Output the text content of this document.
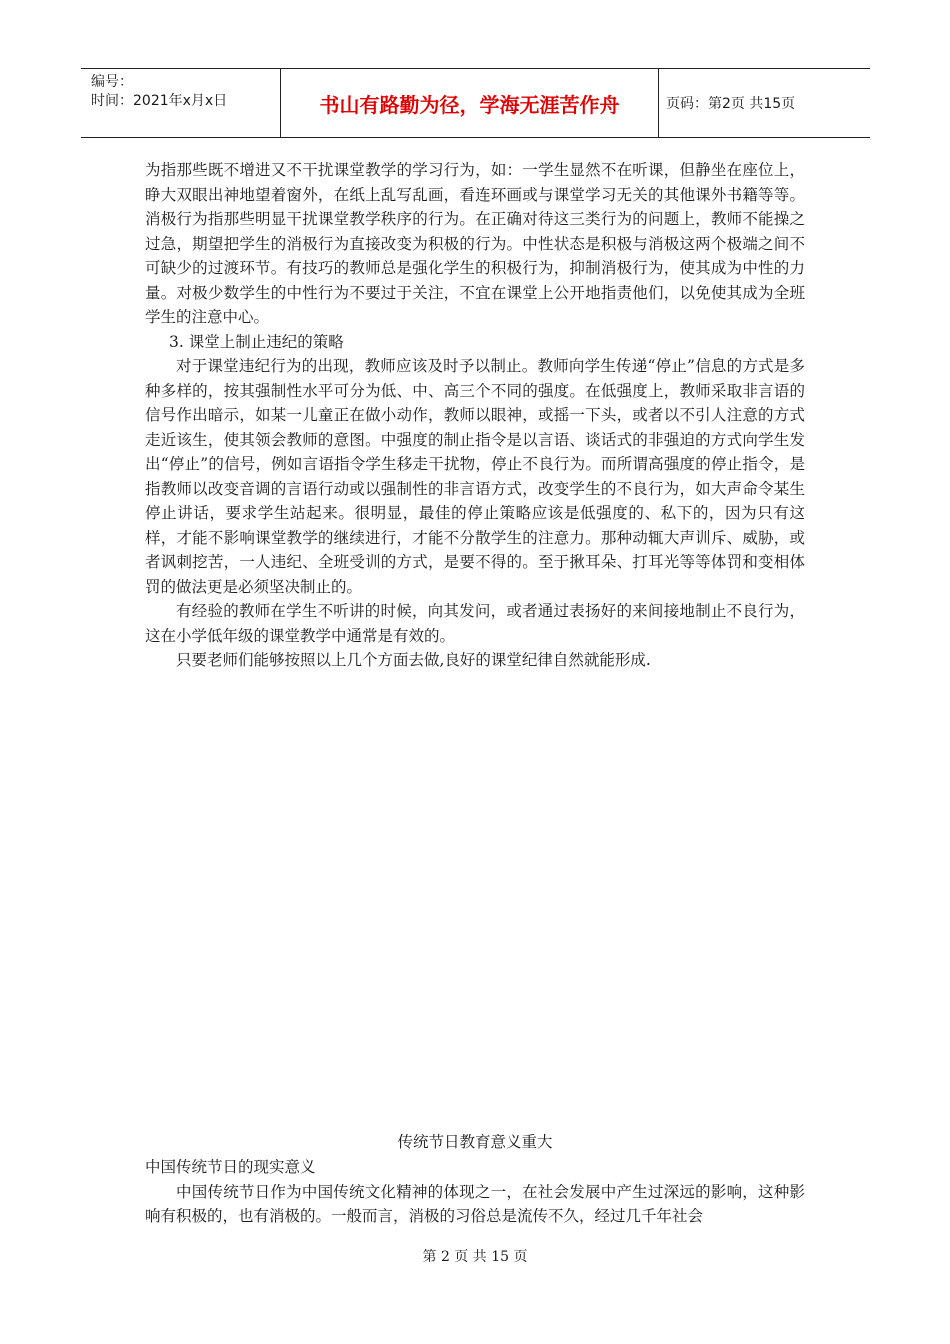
编号：
时间：2021年x月x日	书山有路勤为径，学海无涯苦作舟	页码：第2页 共15页

为指那些既不增进又不干扰课堂教学的学习行为，如：一学生显然不在听课，但静坐在座位上，睁大双眼出神地望着窗外，在纸上乱写乱画，看连环画或与课堂学习无关的其他课外书籍等等。消极行为指那些明显干扰课堂教学秩序的行为。在正确对待这三类行为的问题上，教师不能操之过急，期望把学生的消极行为直接改变为积极的行为。中性状态是积极与消极这两个极端之间不可缺少的过渡环节。有技巧的教师总是强化学生的积极行为，抑制消极行为，使其成为中性的力量。对极少数学生的中性行为不要过于关注，不宜在课堂上公开地指责他们，以免使其成为全班学生的注意中心。

3. 课堂上制止违纪的策略

对于课堂违纪行为的出现，教师应该及时予以制止。教师向学生传递“停止”信息的方式是多种多样的，按其强制性水平可分为低、中、高三个不同的强度。在低强度上，教师采取非言语的信号作出暗示，如某一儿童正在做小动作，教师以眼神，或摇一下头，或者以不引人注意的方式走近该生，使其领会教师的意图。中强度的制止指令是以言语、谈话式的非强迫的方式向学生发出“停止”的信号，例如言语指令学生移走干扰物，停止不良行为。而所谓高强度的停止指令，是指教师以改变音调的言语行动或以强制性的非言语方式，改变学生的不良行为，如大声命令某生停止讲话，要求学生站起来。很明显，最佳的停止策略应该是低强度的、私下的，因为只有这样，才能不影响课堂教学的继续进行，才能不分散学生的注意力。那种动辄大声训斥、威胁，或者讽刺挖苦，一人违纪、全班受训的方式，是要不得的。至于揪耳朵、打耳光等等体罚和变相体罚的做法更是必须坚决制止的。

有经验的教师在学生不听讲的时候，向其发问，或者通过表扬好的来间接地制止不良行为，这在小学低年级的课堂教学中通常是有效的。

只要老师们能够按照以上几个方面去做,良好的课堂纪律自然就能形成.

传统节日教育意义重大

中国传统节日的现实意义

中国传统节日作为中国传统文化精神的体现之一，在社会发展中产生过深远的影响，这种影响有积极的，也有消极的。一般而言，消极的习俗总是流传不久，经过几千年社会

第 2 页 共 15 页
